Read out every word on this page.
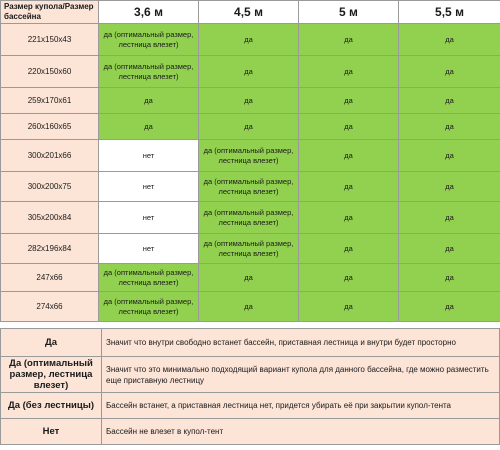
Размер купола/Размер бассейна	3,6 м	4,5 м	5 м	5,5 м
221х150х43	да (оптимальный размер, лестница влезет)	да	да	да
220х150х60	да (оптимальный размер, лестница влезет)	да	да	да
259х170х61	да	да	да	да
260х160х65	да	да	да	да
300х201х66	нет	да (оптимальный размер, лестница влезет)	да	да
300х200х75	нет	да (оптимальный размер, лестница влезет)	да	да
305х200х84	нет	да (оптимальный размер, лестница влезет)	да	да
282х196х84	нет	да (оптимальный размер, лестница влезет)	да	да
247х66	да (оптимальный размер, лестница влезет)	да	да	да
274х66	да (оптимальный размер, лестница влезет)	да	да	да
Да	Значит что внутри свободно встанет бассейн, приставная лестница и внутри будет просторно
Да (оптимальный размер, лестница влезет)	Значит что это минимально подходящий вариант купола для данного бассейна, где можно разместить еще приставную лестницу
Да (без лестницы)	Бассейн встанет, а приставная лестница нет, придется убирать её при закрытии купол-тента
Нет	Бассейн не влезет в купол-тент
